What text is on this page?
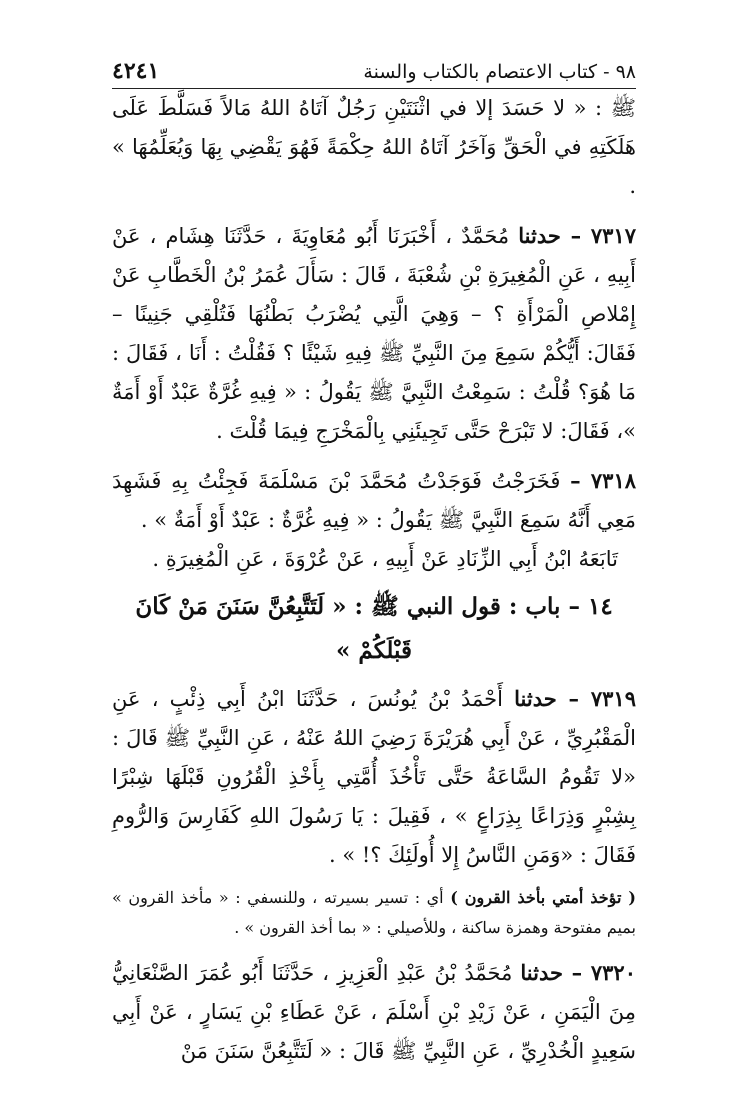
٩٨ - كتاب الاعتصام بالكتاب والسنة
٤٢٤١

ﷺ : « لا حَسَدَ إلا في اثْنَتَيْنِ رَجُلٌ آتَاهُ اللهُ مَالاً فَسَلَّطَ عَلَى هَلَكَتِهِ في الْحَقِّ وَآخَرُ آتَاهُ اللهُ حِكْمَةً فَهُوَ يَقْضِي بِهَا وَيُعَلِّمُهَا » .

٧٣١٧ – حدثنا مُحَمَّدٌ ، أَخْبَرَنَا أَبُو مُعَاوِيَةَ ، حَدَّثَنَا هِشَام ، عَنْ أَبِيهِ ، عَنِ الْمُغِيرَةِ بْنِ شُعْبَةَ ، قَالَ : سَأَلَ عُمَرُ بْنُ الْخَطَّابِ عَنْ إِمْلاصِ الْمَرْأَةِ ؟ – وَهِيَ الَّتِي يُضْرَبُ بَطْنُهَا فَتُلْقِي جَنِينًا – فَقَالَ: أَيُّكُمْ سَمِعَ مِنَ النَّبِيِّ ﷺ فِيهِ شَيْئًا ؟ فَقُلْتُ : أَنَا ، فَقَالَ : مَا هُوَ؟ قُلْتُ : سَمِعْتُ النَّبِيَّ ﷺ يَقُولُ : « فِيهِ غُرَّةٌ عَبْدٌ أَوْ أَمَةٌ »، فَقَالَ: لا تَبْرَحْ حَتَّى تَجِيئَنِي بِالْمَخْرَجِ فِيمَا قُلْتَ .

٧٣١٨ – فَخَرَجْتُ فَوَجَدْتُ مُحَمَّدَ بْنَ مَسْلَمَةَ فَجِئْتُ بِهِ فَشَهِدَ مَعِي أَنَّهُ سَمِعَ النَّبِيَّ ﷺ يَقُولُ : « فِيهِ غُرَّةٌ : عَبْدٌ أَوْ أَمَةٌ » .

تَابَعَهُ ابْنُ أَبِي الزِّنَادِ عَنْ أَبِيهِ ، عَنْ عُرْوَةَ ، عَنِ الْمُغِيرَةِ .

١٤ – باب : قول النبي ﷺ : « لَتَتَّبِعُنَّ سَنَنَ مَنْ كَانَ قَبْلَكُمْ »

٧٣١٩ – حدثنا أَحْمَدُ بْنُ يُونُسَ ، حَدَّثَنَا ابْنُ أَبِي ذِئْبٍ ، عَنِ الْمَقْبُرِيِّ ، عَنْ أَبِي هُرَيْرَةَ رَضِيَ اللهُ عَنْهُ ، عَنِ النَّبِيِّ ﷺ قَالَ : «لا تَقُومُ السَّاعَةُ حَتَّى تَأْخُذَ أُمَّتِي بِأَخْذِ الْقُرُونِ قَبْلَهَا شِبْرًا بِشِبْرٍ وَذِرَاعًا بِذِرَاعٍ » ، فَقِيلَ : يَا رَسُولَ اللهِ كَفَارِسَ وَالرُّومِ فَقَالَ : «وَمَنِ النَّاسُ إِلا أُولَئِكَ ؟! » .

( تؤخذ أمتي بأخذ القرون ) أي : تسير بسيرته ، وللنسفي : « مأخذ القرون » بميم مفتوحة وهمزة ساكنة ، وللأصيلي : « بما أخذ القرون » .

٧٣٢٠ – حدثنا مُحَمَّدُ بْنُ عَبْدِ الْعَزِيزِ ، حَدَّثَنَا أَبُو عُمَرَ الصَّنْعَانِيُّ مِنَ الْيَمَنِ ، عَنْ زَيْدِ بْنِ أَسْلَمَ ، عَنْ عَطَاءِ بْنِ يَسَارٍ ، عَنْ أَبِي سَعِيدٍ الْخُدْرِيِّ ، عَنِ النَّبِيِّ ﷺ قَالَ : « لَتَتَّبِعُنَّ سَنَنَ مَنْ
